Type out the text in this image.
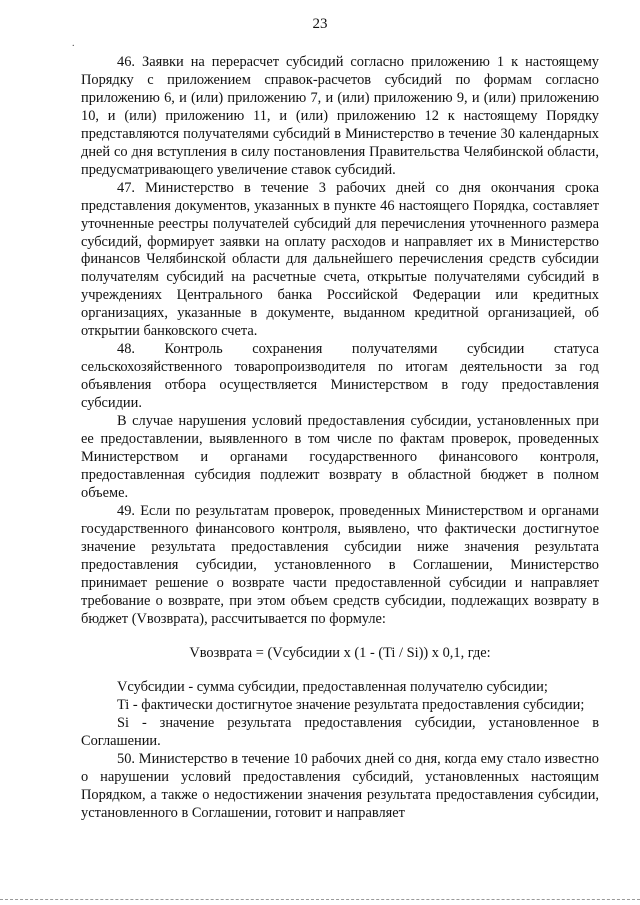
23
.

46. Заявки на перерасчет субсидий согласно приложению 1 к настоящему Порядку с приложением справок-расчетов субсидий по формам согласно приложению 6, и (или) приложению 7, и (или) приложению 9, и (или) приложению 10, и (или) приложению 11, и (или) приложению 12 к настоящему Порядку представляются получателями субсидий в Министерство в течение 30 календарных дней со дня вступления в силу постановления Правительства Челябинской области, предусматривающего увеличение ставок субсидий.

47. Министерство в течение 3 рабочих дней со дня окончания срока представления документов, указанных в пункте 46 настоящего Порядка, составляет уточненные реестры получателей субсидий для перечисления уточненного размера субсидий, формирует заявки на оплату расходов и направляет их в Министерство финансов Челябинской области для дальнейшего перечисления средств субсидии получателям субсидий на расчетные счета, открытые получателями субсидий в учреждениях Центрального банка Российской Федерации или кредитных организациях, указанные в документе, выданном кредитной организацией, об открытии банковского счета.

48. Контроль сохранения получателями субсидии статуса сельскохозяйственного товаропроизводителя по итогам деятельности за год объявления отбора осуществляется Министерством в году предоставления субсидии.

В случае нарушения условий предоставления субсидии, установленных при ее предоставлении, выявленного в том числе по фактам проверок, проведенных Министерством и органами государственного финансового контроля, предоставленная субсидия подлежит возврату в областной бюджет в полном объеме.

49. Если по результатам проверок, проведенных Министерством и органами государственного финансового контроля, выявлено, что фактически достигнутое значение результата предоставления субсидии ниже значения результата предоставления субсидии, установленного в Соглашении, Министерство принимает решение о возврате части предоставленной субсидии и направляет требование о возврате, при этом объем средств субсидии, подлежащих возврату в бюджет (Vвозврата), рассчитывается по формуле:

Vвозврата = (Vсубсидии x (1 - (Ti / Si)) x 0,1, где:

Vсубсидии - сумма субсидии, предоставленная получателю субсидии;

Ti - фактически достигнутое значение результата предоставления субсидии;

Si - значение результата предоставления субсидии, установленное в Соглашении.

50. Министерство в течение 10 рабочих дней со дня, когда ему стало известно о нарушении условий предоставления субсидий, установленных настоящим Порядком, а также о недостижении значения результата предоставления субсидии, установленного в Соглашении, готовит и направляет
